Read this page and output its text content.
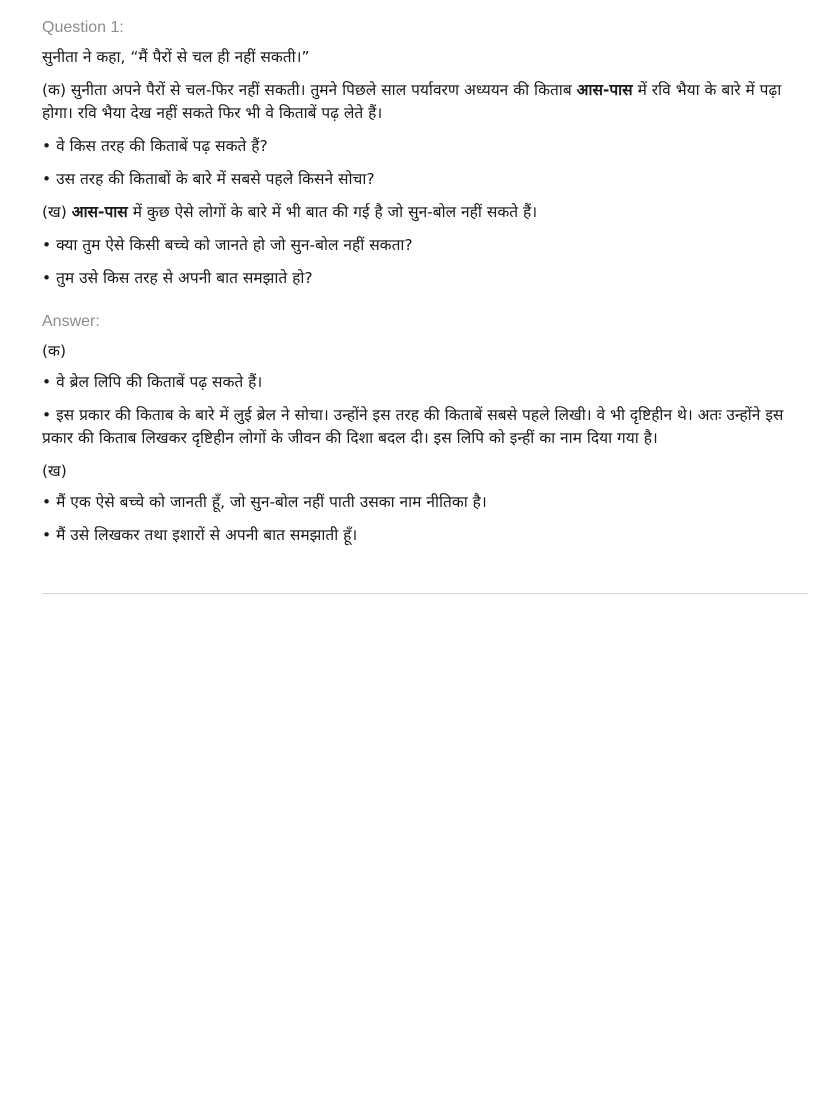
Question 1:

सुनीता ने कहा, “मैं पैरों से चल ही नहीं सकती।”

(क) सुनीता अपने पैरों से चल-फिर नहीं सकती। तुमने पिछले साल पर्यावरण अध्ययन की किताब आस-पास में रवि भैया के बारे में पढ़ा होगा। रवि भैया देख नहीं सकते फिर भी वे किताबें पढ़ लेते हैं।

• वे किस तरह की किताबें पढ़ सकते हैं?

• उस तरह की किताबों के बारे में सबसे पहले किसने सोचा?

(ख) आस-पास में कुछ ऐसे लोगों के बारे में भी बात की गई है जो सुन-बोल नहीं सकते हैं।

• क्या तुम ऐसे किसी बच्चे को जानते हो जो सुन-बोल नहीं सकता?

• तुम उसे किस तरह से अपनी बात समझाते हो?

Answer:

(क)

• वे ब्रेल लिपि की किताबें पढ़ सकते हैं।

• इस प्रकार की किताब के बारे में लुई ब्रेल ने सोचा। उन्होंने इस तरह की किताबें सबसे पहले लिखी। वे भी दृष्टिहीन थे। अतः उन्होंने इस प्रकार की किताब लिखकर दृष्टिहीन लोगों के जीवन की दिशा बदल दी। इस लिपि को इन्हीं का नाम दिया गया है।

(ख)

• मैं एक ऐसे बच्चे को जानती हूँ, जो सुन-बोल नहीं पाती उसका नाम नीतिका है।

• मैं उसे लिखकर तथा इशारों से अपनी बात समझाती हूँ।
